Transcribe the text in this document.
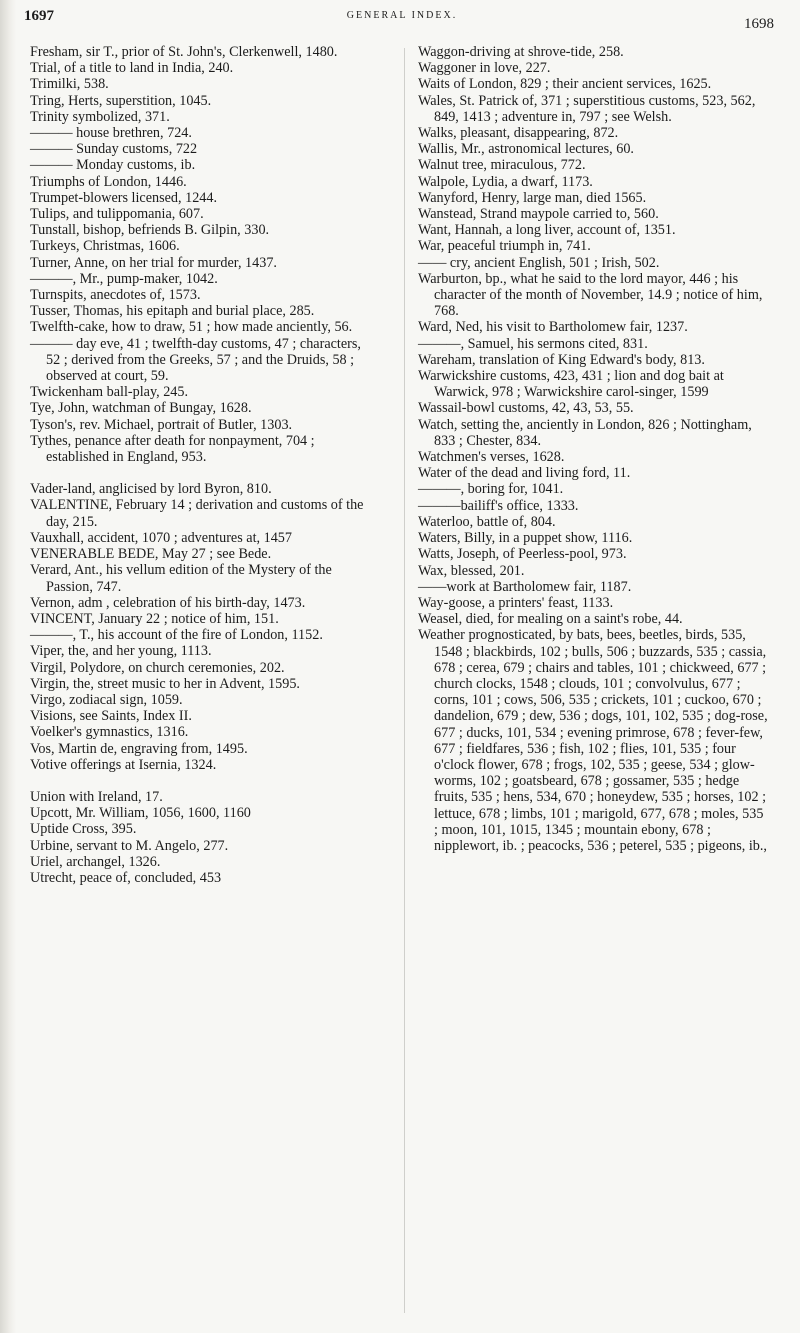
1697	GENERAL INDEX.
1698
Fresham, sir T., prior of St. John's, Clerkenwell, 1480.
Trial, of a title to land in India, 240.
Trimilki, 538.
Tring, Herts, superstition, 1045.
Trinity symbolized, 371.
——— house brethren, 724.
——— Sunday customs, 722
——— Monday customs, ib.
Triumphs of London, 1446.
Trumpet-blowers licensed, 1244.
Tulips, and tulippomania, 607.
Tunstall, bishop, befriends B. Gilpin, 330.
Turkeys, Christmas, 1606.
Turner, Anne, on her trial for murder, 1437.
———, Mr., pump-maker, 1042.
Turnspits, anecdotes of, 1573.
Tusser, Thomas, his epitaph and burial place, 285.
Twelfth-cake, how to draw, 51 ; how made anciently, 56.
——— day eve, 41 ; twelfth-day customs, 47 ; characters, 52 ; derived from the Greeks, 57 ; and the Druids, 58 ; observed at court, 59.
Twickenham ball-play, 245.
Tye, John, watchman of Bungay, 1628.
Tyson's, rev. Michael, portrait of Butler, 1303.
Tythes, penance after death for nonpayment, 704 ; established in England, 953.
Vader-land, anglicised by lord Byron, 810.
VALENTINE, February 14 ; derivation and customs of the day, 215.
Vauxhall, accident, 1070 ; adventures at, 1457
VENERABLE BEDE, May 27 ; see Bede.
Verard, Ant., his vellum edition of the Mystery of the Passion, 747.
Vernon, adm , celebration of his birth-day, 1473.
VINCENT, January 22 ; notice of him, 151.
———, T., his account of the fire of London, 1152.
Viper, the, and her young, 1113.
Virgil, Polydore, on church ceremonies, 202.
Virgin, the, street music to her in Advent, 1595.
Virgo, zodiacal sign, 1059.
Visions, see Saints, Index II.
Voelker's gymnastics, 1316.
Vos, Martin de, engraving from, 1495.
Votive offerings at Isernia, 1324.
Union with Ireland, 17.
Upcott, Mr. William, 1056, 1600, 1160
Uptide Cross, 395.
Urbine, servant to M. Angelo, 277.
Uriel, archangel, 1326.
Utrecht, peace of, concluded, 453
Waggon-driving at shrove-tide, 258.
Waggoner in love, 227.
Waits of London, 829 ; their ancient services, 1625.
Wales, St. Patrick of, 371 ; superstitious customs, 523, 562, 849, 1413 ; adventure in, 797 ; see Welsh.
Walks, pleasant, disappearing, 872.
Wallis, Mr., astronomical lectures, 60.
Walnut tree, miraculous, 772.
Walpole, Lydia, a dwarf, 1173.
Wanyford, Henry, large man, died 1565.
Wanstead, Strand maypole carried to, 560.
Want, Hannah, a long liver, account of, 1351.
War, peaceful triumph in, 741.
—— cry, ancient English, 501 ; Irish, 502.
Warburton, bp., what he said to the lord mayor, 446 ; his character of the month of November, 14.9 ; notice of him, 768.
Ward, Ned, his visit to Bartholomew fair, 1237.
———, Samuel, his sermons cited, 831.
Wareham, translation of King Edward's body, 813.
Warwickshire customs, 423, 431 ; lion and dog bait at Warwick, 978 ; Warwickshire carol-singer, 1599
Wassail-bowl customs, 42, 43, 53, 55.
Watch, setting the, anciently in London, 826 ; Nottingham, 833 ; Chester, 834.
Watchmen's verses, 1628.
Water of the dead and living ford, 11.
———, boring for, 1041.
———bailiff's office, 1333.
Waterloo, battle of, 804.
Waters, Billy, in a puppet show, 1116.
Watts, Joseph, of Peerless-pool, 973.
Wax, blessed, 201.
——work at Bartholomew fair, 1187.
Way-goose, a printers' feast, 1133.
Weasel, died, for mealing on a saint's robe, 44.
Weather prognosticated, by bats, bees, beetles, birds, 535, 1548 ; blackbirds, 102 ; bulls, 506 ; buzzards, 535 ; cassia, 678 ; cerea, 679 ; chairs and tables, 101 ; chickweed, 677 ; church clocks, 1548 ; clouds, 101 ; convolvulus, 677 ; corns, 101 ; cows, 506, 535 ; crickets, 101 ; cuckoo, 670 ; dandelion, 679 ; dew, 536 ; dogs, 101, 102, 535 ; dog-rose, 677 ; ducks, 101, 534 ; evening primrose, 678 ; fever-few, 677 ; fieldfares, 536 ; fish, 102 ; flies, 101, 535 ; four o'clock flower, 678 ; frogs, 102, 535 ; geese, 534 ; glow-worms, 102 ; goatsbeard, 678 ; gossamer, 535 ; hedge fruits, 535 ; hens, 534, 670 ; honeydew, 535 ; horses, 102 ; lettuce, 678 ; limbs, 101 ; marigold, 677, 678 ; moles, 535 ; moon, 101, 1015, 1345 ; mountain ebony, 678 ; nipplewort, ib. ; peacocks, 536 ; peterel, 535 ; pigeons, ib.,
